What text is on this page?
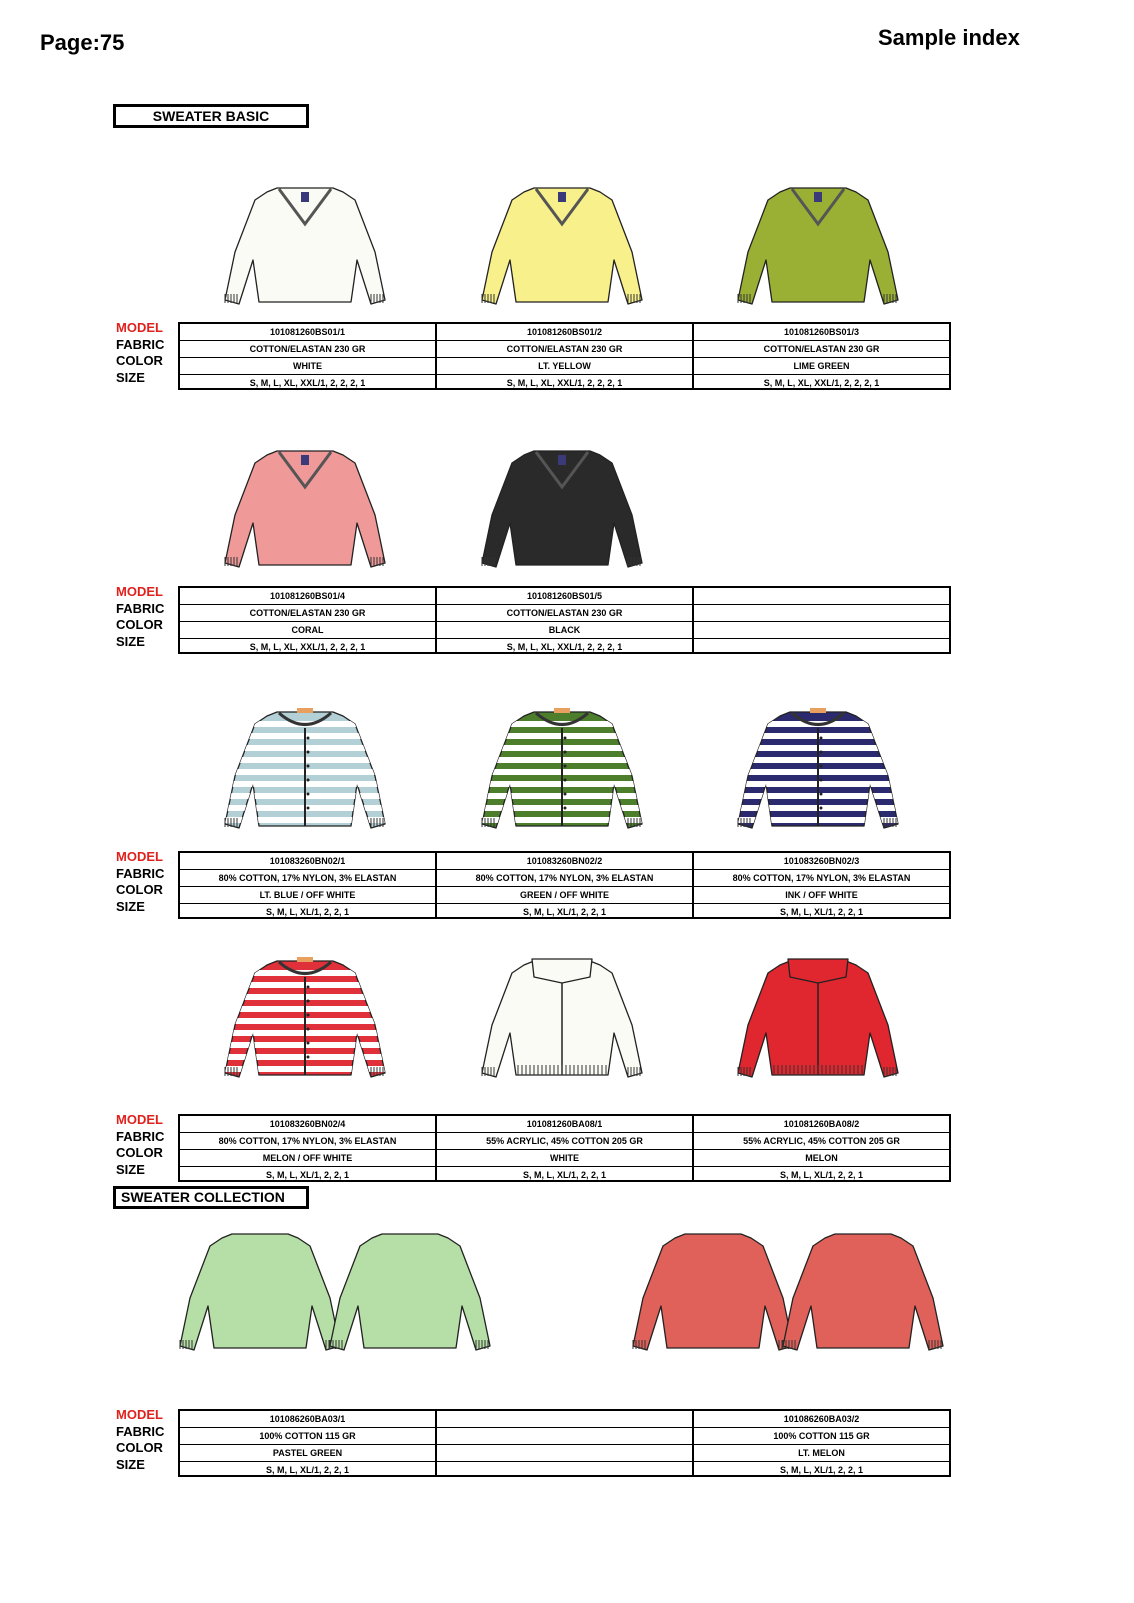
Page:75	Sample index
SWEATER BASIC
SWEATER COLLECTION
MODEL
FABRIC
COLOR
SIZE
101081260BS01/1
COTTON/ELASTAN 230 GR
WHITE
S, M, L, XL, XXL/1, 2, 2, 2, 1
101081260BS01/2
COTTON/ELASTAN 230 GR
LT. YELLOW
S, M, L, XL, XXL/1, 2, 2, 2, 1
101081260BS01/3
COTTON/ELASTAN 230 GR
LIME GREEN
S, M, L, XL, XXL/1, 2, 2, 2, 1
MODEL
FABRIC
COLOR
SIZE
101081260BS01/4
COTTON/ELASTAN 230 GR
CORAL
S, M, L, XL, XXL/1, 2, 2, 2, 1
101081260BS01/5
COTTON/ELASTAN 230 GR
BLACK
S, M, L, XL, XXL/1, 2, 2, 2, 1
MODEL
FABRIC
COLOR
SIZE
101083260BN02/1
80% COTTON, 17% NYLON, 3% ELASTAN
LT. BLUE / OFF WHITE
S, M, L, XL/1, 2, 2, 1
101083260BN02/2
80% COTTON, 17% NYLON, 3% ELASTAN
GREEN / OFF WHITE
S, M, L, XL/1, 2, 2, 1
101083260BN02/3
80% COTTON, 17% NYLON, 3% ELASTAN
INK / OFF WHITE
S, M, L, XL/1, 2, 2, 1
MODEL
FABRIC
COLOR
SIZE
101083260BN02/4
80% COTTON, 17% NYLON, 3% ELASTAN
MELON / OFF WHITE
S, M, L, XL/1, 2, 2, 1
101081260BA08/1
55% ACRYLIC, 45% COTTON 205 GR
WHITE
S, M, L, XL/1, 2, 2, 1
101081260BA08/2
55% ACRYLIC, 45% COTTON 205 GR
MELON
S, M, L, XL/1, 2, 2, 1
MODEL
FABRIC
COLOR
SIZE
101086260BA03/1
100% COTTON 115 GR
PASTEL GREEN
S, M, L, XL/1, 2, 2, 1
101086260BA03/2
100% COTTON 115 GR
LT. MELON
S, M, L, XL/1, 2, 2, 1
